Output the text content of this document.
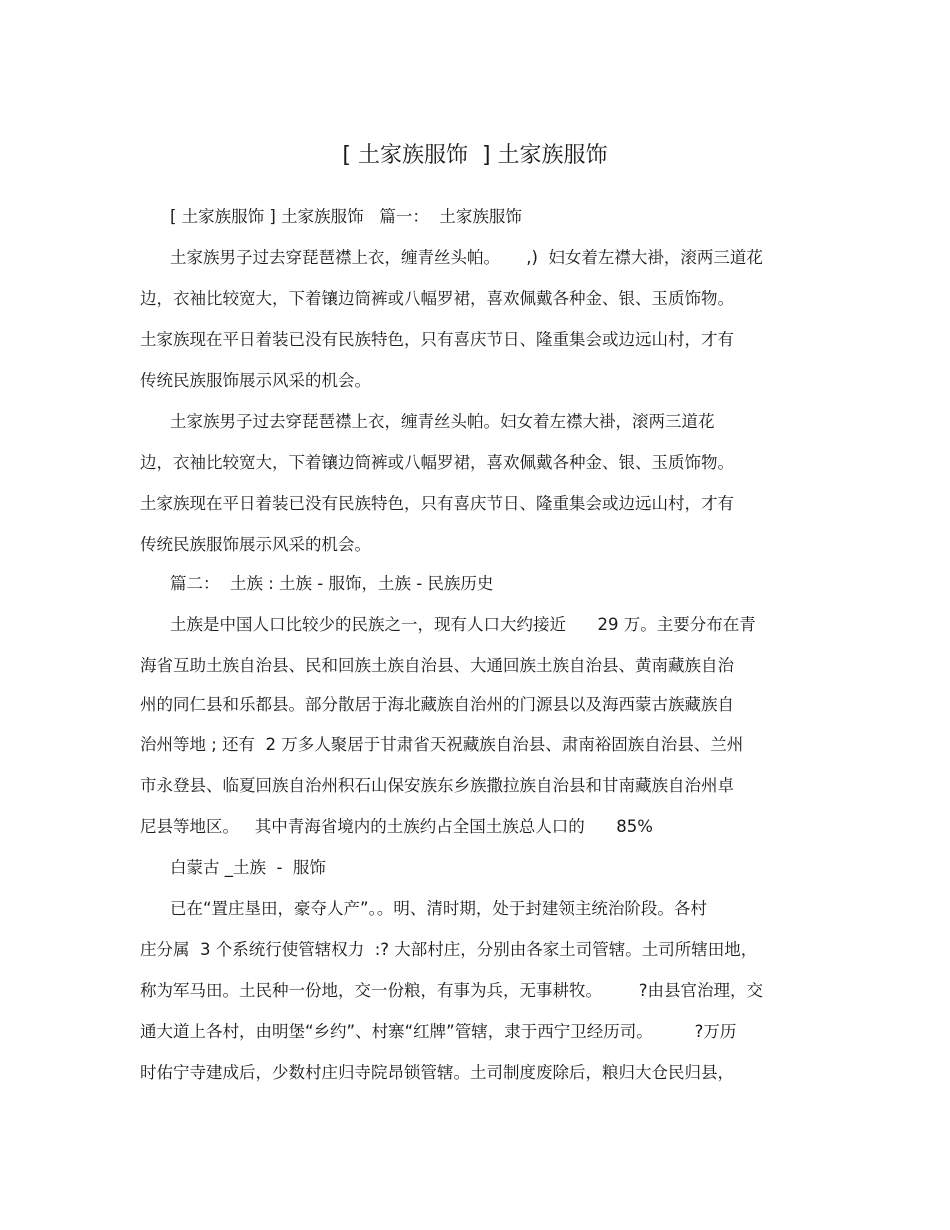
[ 土家族服饰  ] 土家族服饰

[ 土家族服饰 ] 土家族服饰   篇一：  土家族服饰

土家族男子过去穿琵琶襟上衣，缠青丝头帕。     ,)  妇女着左襟大褂，滚两三道花

边，衣袖比较宽大，下着镶边筒裤或八幅罗裙，喜欢佩戴各种金、银、玉质饰物。

土家族现在平日着装已没有民族特色，只有喜庆节日、隆重集会或边远山村，才有

传统民族服饰展示风采的机会。

土家族男子过去穿琵琶襟上衣，缠青丝头帕。妇女着左襟大褂，滚两三道花

边，衣袖比较宽大，下着镶边筒裤或八幅罗裙，喜欢佩戴各种金、银、玉质饰物。

土家族现在平日着装已没有民族特色，只有喜庆节日、隆重集会或边远山村，才有

传统民族服饰展示风采的机会。

篇二：  土族 : 土族 - 服饰，土族 - 民族历史

土族是中国人口比较少的民族之一，现有人口大约接近      29 万。主要分布在青

海省互助土族自治县、民和回族土族自治县、大通回族土族自治县、黄南藏族自治

州的同仁县和乐都县。部分散居于海北藏族自治州的门源县以及海西蒙古族藏族自

治州等地 ; 还有  2 万多人聚居于甘肃省天祝藏族自治县、肃南裕固族自治县、兰州

市永登县、临夏回族自治州积石山保安族东乡族撒拉族自治县和甘南藏族自治州卓

尼县等地区。   其中青海省境内的土族约占全国土族总人口的      85%

白蒙古 _土族  -  服饰

已在“置庄垦田，豪夺人产”。。明、清时期，处于封建领主统治阶段。各村

庄分属  3 个系统行使管辖权力  :? 大部村庄，分别由各家土司管辖。土司所辖田地，

称为军马田。土民种一份地，交一份粮，有事为兵，无事耕牧。       ?由县官治理，交

通大道上各村，由明堡“乡约”、村寨“红牌”管辖，隶于西宁卫经历司。        ?万历

时佑宁寺建成后，少数村庄归寺院昂锁管辖。土司制度废除后，粮归大仓民归县，
